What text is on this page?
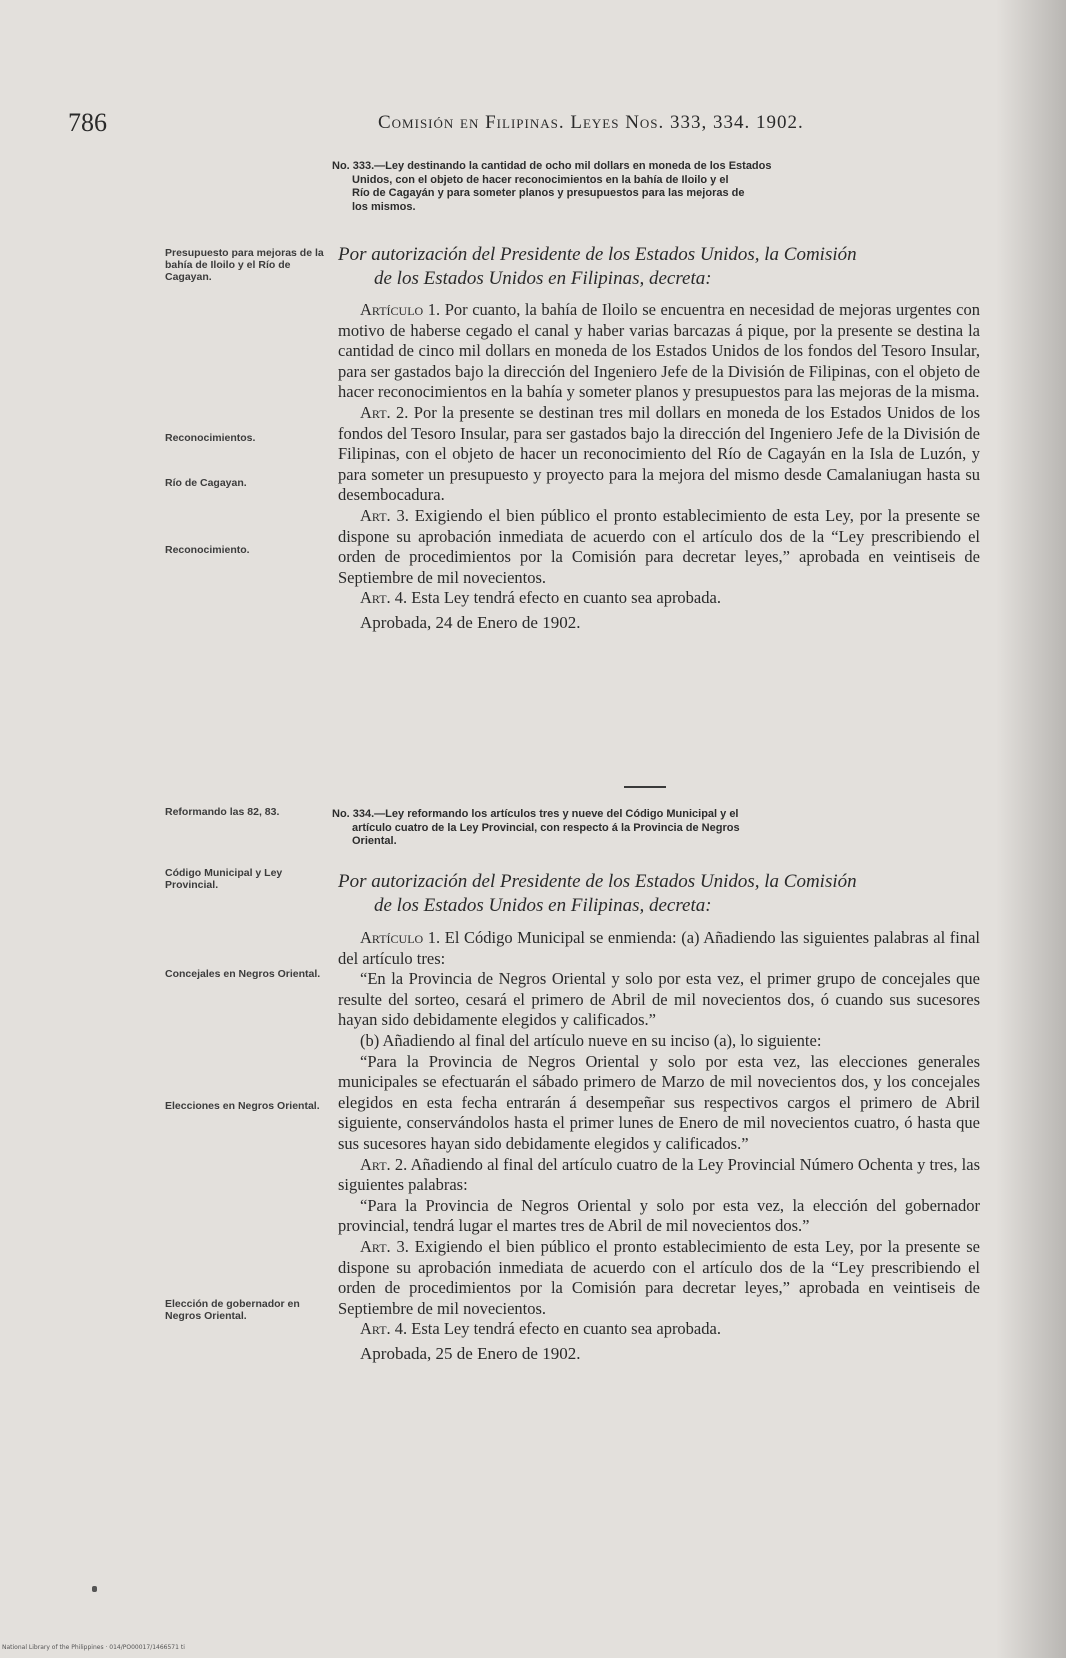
786	Comisión en Filipinas. Leyes Nos. 333, 334. 1902.
No. 333.—Ley destinando la cantidad de ocho mil dollars en moneda de los Estados
Unidos, con el objeto de hacer reconocimientos en la bahía de Iloilo y el
Río de Cagayán y para someter planos y presupuestos para las mejoras de
los mismos.
Presupuesto para mejoras de la bahía de Iloilo y el Río de Cagayan.
Por autorización del Presidente de los Estados Unidos, la Comisión
de los Estados Unidos en Filipinas, decreta:

Artículo 1. Por cuanto, la bahía de Iloilo se encuentra en necesidad de mejoras urgentes con motivo de haberse cegado el canal y haber varias barcazas á pique, por la presente se destina la cantidad de cinco mil dollars en moneda de los Estados Unidos de los fondos del Tesoro Insular, para ser gastados bajo la dirección del Ingeniero Jefe de la División de Filipinas, con el objeto de hacer reconocimientos en la bahía y someter planos y presupuestos para las mejoras de la misma.

Art. 2. Por la presente se destinan tres mil dollars en moneda de los Estados Unidos de los fondos del Tesoro Insular, para ser gastados bajo la dirección del Ingeniero Jefe de la División de Filipinas, con el objeto de hacer un reconocimiento del Río de Cagayán en la Isla de Luzón, y para someter un presupuesto y proyecto para la mejora del mismo desde Camalaniugan hasta su desembocadura.

Art. 3. Exigiendo el bien público el pronto establecimiento de esta Ley, por la presente se dispone su aprobación inmediata de acuerdo con el artículo dos de la “Ley prescribiendo el orden de procedimientos por la Comisión para decretar leyes,” aprobada en veintiseis de Septiembre de mil novecientos.

Art. 4. Esta Ley tendrá efecto en cuanto sea aprobada.

Aprobada, 24 de Enero de 1902.

Reconocimientos.
Río de Cagayan.
Reconocimiento.
Reformando las 82, 83.	No. 334.—Ley reformando los artículos tres y nueve del Código Municipal y el
artículo cuatro de la Ley Provincial, con respecto á la Provincia de Negros
Oriental.
Código Municipal y Ley Provincial.	Por autorización del Presidente de los Estados Unidos, la Comisión
de los Estados Unidos en Filipinas, decreta:

Artículo 1. El Código Municipal se enmienda: (a) Añadiendo las siguientes palabras al final del artículo tres:

“En la Provincia de Negros Oriental y solo por esta vez, el primer grupo de concejales que resulte del sorteo, cesará el primero de Abril de mil novecientos dos, ó cuando sus sucesores hayan sido debidamente elegidos y calificados.”

(b) Añadiendo al final del artículo nueve en su inciso (a), lo siguiente:

“Para la Provincia de Negros Oriental y solo por esta vez, las elecciones generales municipales se efectuarán el sábado primero de Marzo de mil novecientos dos, y los concejales elegidos en esta fecha entrarán á desempeñar sus respectivos cargos el primero de Abril siguiente, conservándolos hasta el primer lunes de Enero de mil novecientos cuatro, ó hasta que sus sucesores hayan sido debidamente elegidos y calificados.”

Art. 2. Añadiendo al final del artículo cuatro de la Ley Provincial Número Ochenta y tres, las siguientes palabras:

“Para la Provincia de Negros Oriental y solo por esta vez, la elección del gobernador provincial, tendrá lugar el martes tres de Abril de mil novecientos dos.”

Art. 3. Exigiendo el bien público el pronto establecimiento de esta Ley, por la presente se dispone su aprobación inmediata de acuerdo con el artículo dos de la “Ley prescribiendo el orden de procedimientos por la Comisión para decretar leyes,” aprobada en veintiseis de Septiembre de mil novecientos.

Art. 4. Esta Ley tendrá efecto en cuanto sea aprobada.

Aprobada, 25 de Enero de 1902.

Concejales en Negros Oriental.
Elecciones en Negros Oriental.
Elección de gobernador en Negros Oriental.
National Library of the Philippines · 014/PO00017/1466571 ti
